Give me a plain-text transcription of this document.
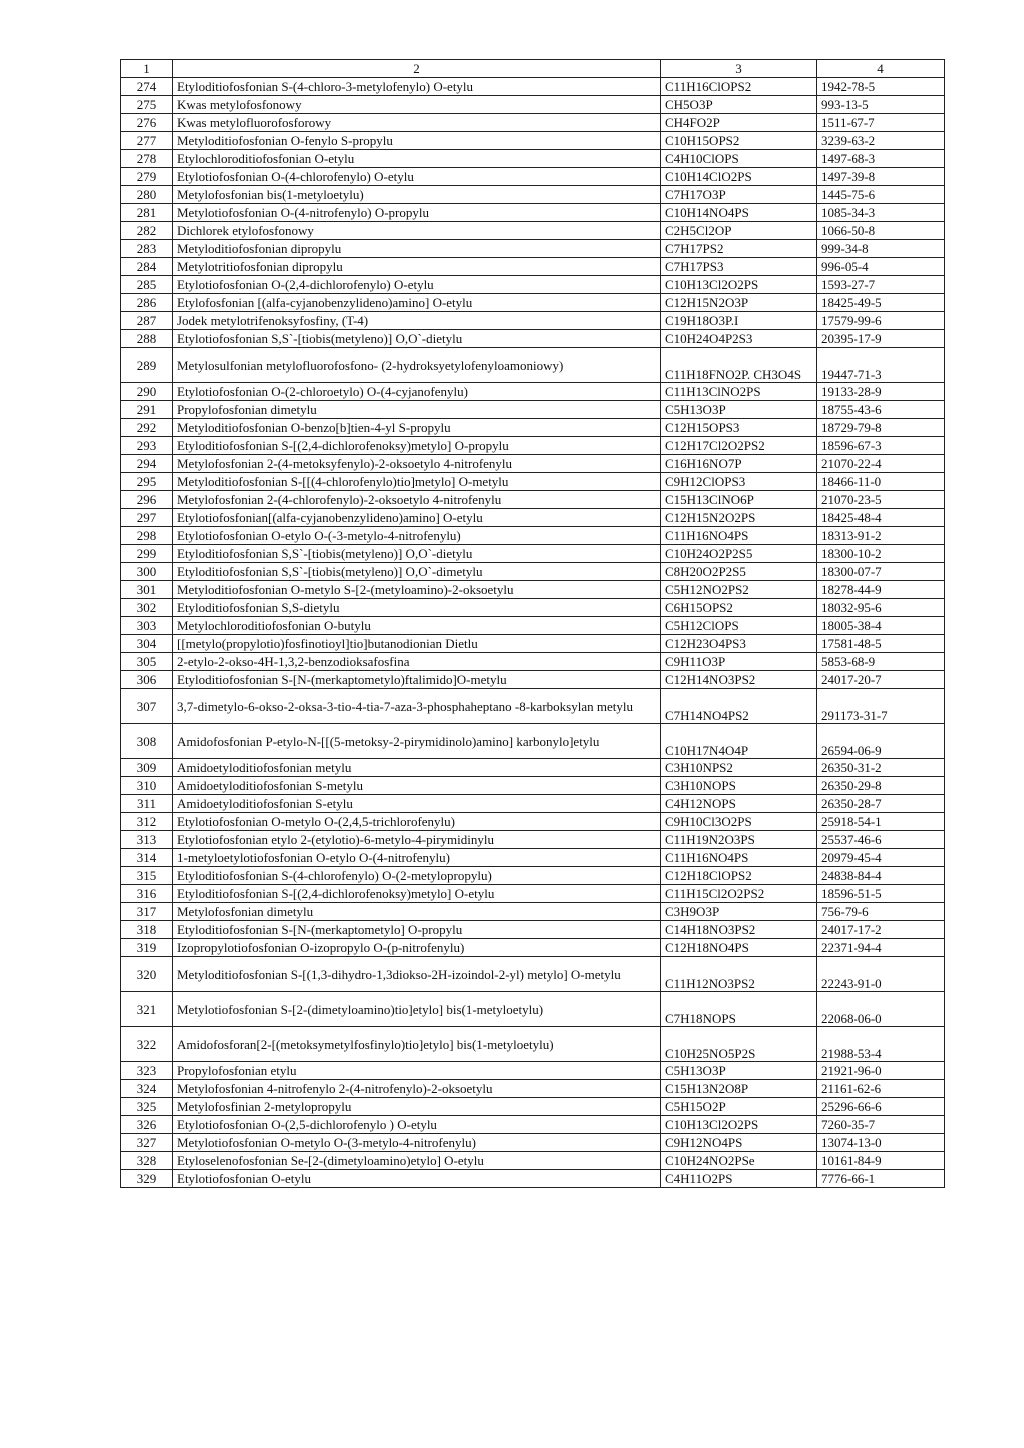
1	2	3	4
274	Etyloditiofosfonian S-(4-chloro-3-metylofenylo) O-etylu	C11H16ClOPS2	1942-78-5
275	Kwas metylofosfonowy	CH5O3P	993-13-5
276	Kwas metylofluorofosforowy	CH4FO2P	1511-67-7
277	Metyloditiofosfonian O-fenylo S-propylu	C10H15OPS2	3239-63-2
278	Etylochloroditiofosfonian O-etylu	C4H10ClOPS	1497-68-3
279	Etylotiofosfonian O-(4-chlorofenylo) O-etylu	C10H14ClO2PS	1497-39-8
280	Metylofosfonian bis(1-metyloetylu)	C7H17O3P	1445-75-6
281	Metylotiofosfonian O-(4-nitrofenylo) O-propylu	C10H14NO4PS	1085-34-3
282	Dichlorek etylofosfonowy	C2H5Cl2OP	1066-50-8
283	Metyloditiofosfonian dipropylu	C7H17PS2	999-34-8
284	Metylotritiofosfonian dipropylu	C7H17PS3	996-05-4
285	Etylotiofosfonian O-(2,4-dichlorofenylo) O-etylu	C10H13Cl2O2PS	1593-27-7
286	Etylofosfonian [(alfa-cyjanobenzylideno)amino] O-etylu	C12H15N2O3P	18425-49-5
287	Jodek metylotrifenoksyfosfiny, (T-4)	C19H18O3P.I	17579-99-6
288	Etylotiofosfonian S,S`-[tiobis(metyleno)] O,O`-dietylu	C10H24O4P2S3	20395-17-9
289	Metylosulfonian metylofluorofosfono- (2-hydroksyetylofenyloamoniowy)	C11H18FNO2P. CH3O4S	19447-71-3
290	Etylotiofosfonian O-(2-chloroetylo) O-(4-cyjanofenylu)	C11H13ClNO2PS	19133-28-9
291	Propylofosfonian dimetylu	C5H13O3P	18755-43-6
292	Metyloditiofosfonian O-benzo[b]tien-4-yl S-propylu	C12H15OPS3	18729-79-8
293	Etyloditiofosfonian S-[(2,4-dichlorofenoksy)metylo] O-propylu	C12H17Cl2O2PS2	18596-67-3
294	Metylofosfonian 2-(4-metoksyfenylo)-2-oksoetylo 4-nitrofenylu	C16H16NO7P	21070-22-4
295	Metyloditiofosfonian S-[[(4-chlorofenylo)tio]metylo] O-metylu	C9H12ClOPS3	18466-11-0
296	Metylofosfonian 2-(4-chlorofenylo)-2-oksoetylo 4-nitrofenylu	C15H13ClNO6P	21070-23-5
297	Etylotiofosfonian[(alfa-cyjanobenzylideno)amino] O-etylu	C12H15N2O2PS	18425-48-4
298	Etylotiofosfonian O-etylo O-(-3-metylo-4-nitrofenylu)	C11H16NO4PS	18313-91-2
299	Etyloditiofosfonian S,S`-[tiobis(metyleno)] O,O`-dietylu	C10H24O2P2S5	18300-10-2
300	Etyloditiofosfonian S,S`-[tiobis(metyleno)] O,O`-dimetylu	C8H20O2P2S5	18300-07-7
301	Metyloditiofosfonian O-metylo S-[2-(metyloamino)-2-oksoetylu	C5H12NO2PS2	18278-44-9
302	Etyloditiofosfonian S,S-dietylu	C6H15OPS2	18032-95-6
303	Metylochloroditiofosfonian O-butylu	C5H12ClOPS	18005-38-4
304	[[metylo(propylotio)fosfinotioyl]tio]butanodionian Dietlu	C12H23O4PS3	17581-48-5
305	2-etylo-2-okso-4H-1,3,2-benzodioksafosfina	C9H11O3P	5853-68-9
306	Etyloditiofosfonian S-[N-(merkaptometylo)ftalimido]O-metylu	C12H14NO3PS2	24017-20-7
307	3,7-dimetylo-6-okso-2-oksa-3-tio-4-tia-7-aza-3-phosphaheptano -8-karboksylan metylu	C7H14NO4PS2	291173-31-7
308	Amidofosfonian P-etylo-N-[[(5-metoksy-2-pirymidinolo)amino] karbonylo]etylu	C10H17N4O4P	26594-06-9
309	Amidoetyloditiofosfonian metylu	C3H10NPS2	26350-31-2
310	Amidoetyloditiofosfonian S-metylu	C3H10NOPS	26350-29-8
311	Amidoetyloditiofosfonian S-etylu	C4H12NOPS	26350-28-7
312	Etylotiofosfonian O-metylo O-(2,4,5-trichlorofenylu)	C9H10Cl3O2PS	25918-54-1
313	Etylotiofosfonian etylo 2-(etylotio)-6-metylo-4-pirymidinylu	C11H19N2O3PS	25537-46-6
314	1-metyloetylotiofosfonian O-etylo O-(4-nitrofenylu)	C11H16NO4PS	20979-45-4
315	Etyloditiofosfonian S-(4-chlorofenylo) O-(2-metylopropylu)	C12H18ClOPS2	24838-84-4
316	Etyloditiofosfonian S-[(2,4-dichlorofenoksy)metylo] O-etylu	C11H15Cl2O2PS2	18596-51-5
317	Metylofosfonian dimetylu	C3H9O3P	756-79-6
318	Etyloditiofosfonian S-[N-(merkaptometylo] O-propylu	C14H18NO3PS2	24017-17-2
319	Izopropylotiofosfonian O-izopropylo O-(p-nitrofenylu)	C12H18NO4PS	22371-94-4
320	Metyloditiofosfonian S-[(1,3-dihydro-1,3diokso-2H-izoindol-2-yl) metylo] O-metylu	C11H12NO3PS2	22243-91-0
321	Metylotiofosfonian S-[2-(dimetyloamino)tio]etylo] bis(1-metyloetylu)	C7H18NOPS	22068-06-0
322	Amidofosforan[2-[(metoksymetylfosfinylo)tio]etylo] bis(1-metyloetylu)	C10H25NO5P2S	21988-53-4
323	Propylofosfonian etylu	C5H13O3P	21921-96-0
324	Metylofosfonian 4-nitrofenylo 2-(4-nitrofenylo)-2-oksoetylu	C15H13N2O8P	21161-62-6
325	Metylofosfinian 2-metylopropylu	C5H15O2P	25296-66-6
326	Etylotiofosfonian O-(2,5-dichlorofenylo ) O-etylu	C10H13Cl2O2PS	7260-35-7
327	Metylotiofosfonian O-metylo O-(3-metylo-4-nitrofenylu)	C9H12NO4PS	13074-13-0
328	Etyloselenofosfonian Se-[2-(dimetyloamino)etylo] O-etylu	C10H24NO2PSe	10161-84-9
329	Etylotiofosfonian O-etylu	C4H11O2PS	7776-66-1
